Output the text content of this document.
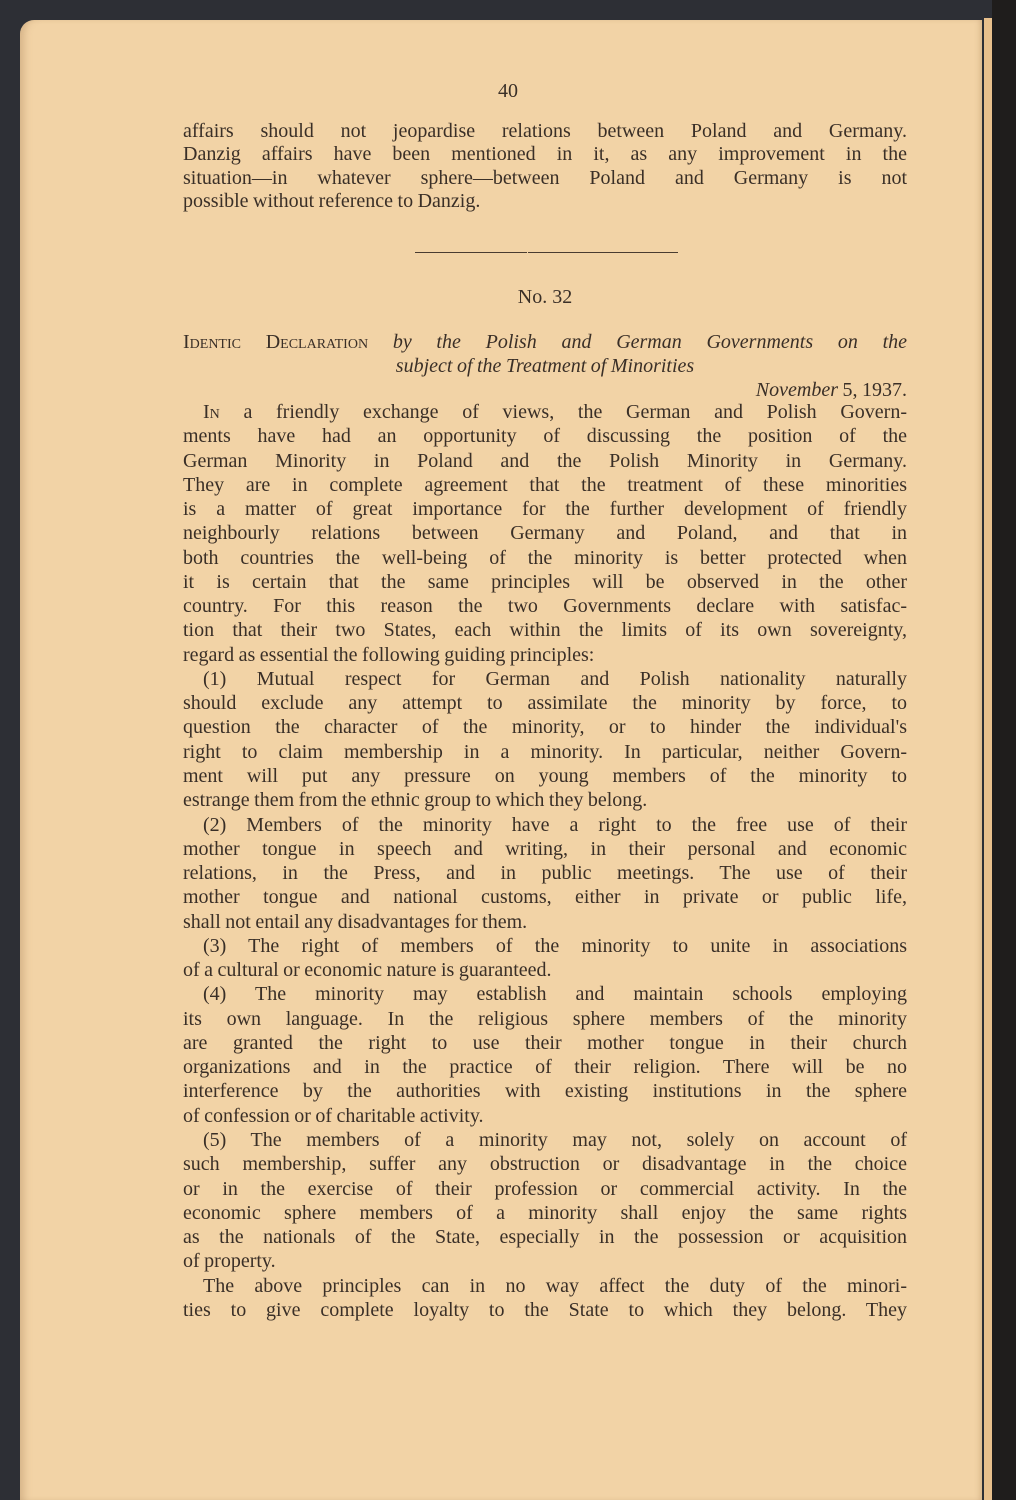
40
affairs should not jeopardise relations between Poland and Germany.
Danzig affairs have been mentioned in it, as any improvement in the
situation—in whatever sphere—between Poland and Germany is not
possible without reference to Danzig.
No. 32
Identic Declaration by the Polish and German Governments on the
subject of the Treatment of Minorities
November 5, 1937.
In a friendly exchange of views, the German and Polish Govern-
ments have had an opportunity of discussing the position of the
German Minority in Poland and the Polish Minority in Germany.
They are in complete agreement that the treatment of these minorities
is a matter of great importance for the further development of friendly
neighbourly relations between Germany and Poland, and that in
both countries the well-being of the minority is better protected when
it is certain that the same principles will be observed in the other
country. For this reason the two Governments declare with satisfac-
tion that their two States, each within the limits of its own sovereignty,
regard as essential the following guiding principles:
(1) Mutual respect for German and Polish nationality naturally
should exclude any attempt to assimilate the minority by force, to
question the character of the minority, or to hinder the individual's
right to claim membership in a minority. In particular, neither Govern-
ment will put any pressure on young members of the minority to
estrange them from the ethnic group to which they belong.
(2) Members of the minority have a right to the free use of their
mother tongue in speech and writing, in their personal and economic
relations, in the Press, and in public meetings. The use of their
mother tongue and national customs, either in private or public life,
shall not entail any disadvantages for them.
(3) The right of members of the minority to unite in associations
of a cultural or economic nature is guaranteed.
(4) The minority may establish and maintain schools employing
its own language. In the religious sphere members of the minority
are granted the right to use their mother tongue in their church
organizations and in the practice of their religion. There will be no
interference by the authorities with existing institutions in the sphere
of confession or of charitable activity.
(5) The members of a minority may not, solely on account of
such membership, suffer any obstruction or disadvantage in the choice
or in the exercise of their profession or commercial activity. In the
economic sphere members of a minority shall enjoy the same rights
as the nationals of the State, especially in the possession or acquisition
of property.
The above principles can in no way affect the duty of the minori-
ties to give complete loyalty to the State to which they belong. They
